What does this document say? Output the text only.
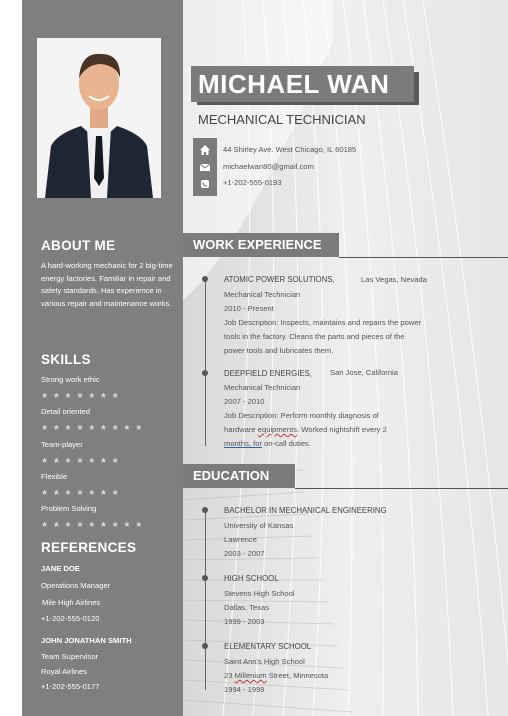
ABOUT ME
A hard-working mechanic for 2 big-time energy factories. Familiar in repair and safety standards. Has experience in various repair and maintenance works.
SKILLS
Strong work ethic
★★★★★★★
Detail oriented
★★★★★★★★★
Team-player
★★★★★★★
Flexible
★★★★★★★
Problem Solving
★★★★★★★★★
REFERENCES
JANE DOE
Operations Manager
Mile High Airlines
+1-202-555-0120
JOHN JONATHAN SMITH
Team Supervisor
Royal Airlines
+1-202-555-0177
MICHAEL WAN
MECHANICAL TECHNICIAN
44 Shirley Ave. West Chicago, IL 60185
michaelwan80@gmail.com
+1-202-555-0193
WORK EXPERIENCE
ATOMIC POWER SOLUTIONS,	Las Vegas, Nevada
Mechanical Technician
2010 - Present
Job Description: Inspects, maintains and repairs the power
tools in the factory. Cleans the parts and pieces of the
power tools and lubricates them.
DEEPFIELD ENERGIES, San Jose, California
Mechanical Technician
2007 - 2010
Job Description: Perform monthly diagnosis of
hardware equipments. Worked nightshift every 2
months, for on-call duties.
EDUCATION
BACHELOR IN MECHANICAL ENGINEERING
University of Kansas
Lawrence
2003 - 2007
HIGH SCHOOL
Stevens High School
Dallas, Texas
1999 - 2003
ELEMENTARY SCHOOL
Saint Ann's High School
23 Millenium Street, Minnesota
1994 - 1999
